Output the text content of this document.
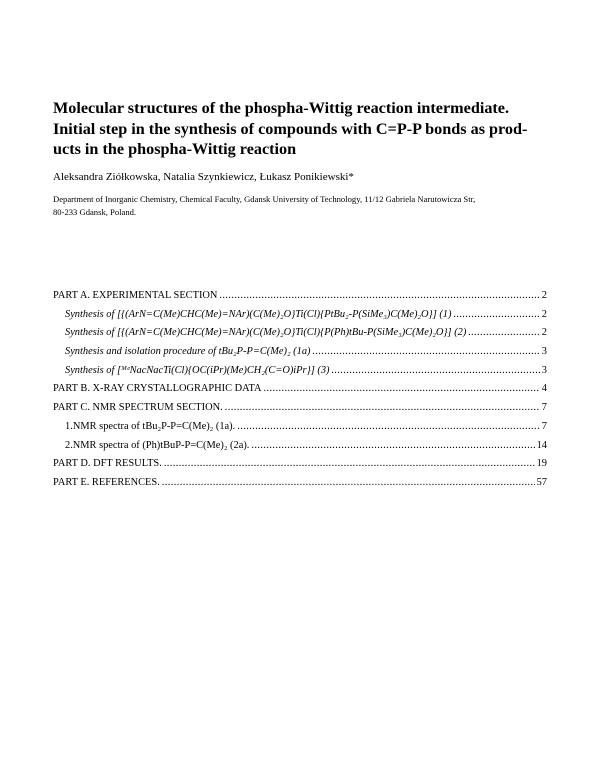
Molecular structures of the phospha-Wittig reaction intermediate.
Initial step in the synthesis of compounds with C=P-P bonds as prod-
ucts in the phospha-Wittig reaction
Aleksandra Ziółkowska, Natalia Szynkiewicz, Łukasz Ponikiewski*
Department of Inorganic Chemistry, Chemical Faculty, Gdansk University of Technology, 11/12 Gabriela Narutowicza Str,
80-233 Gdansk, Poland.
PART A. EXPERIMENTAL SECTION .....	2
Synthesis of [{(ArN=C(Me)CHC(Me)=NAr)(C(Me)₂O}Ti(Cl){PtBu₂-P(SiMe₃)C(Me)₂O}] (1) .....	2
Synthesis of [{(ArN=C(Me)CHC(Me)=NAr)(C(Me)₂O}Ti(Cl){P(Ph)tBu-P(SiMe₃)C(Me)₂O}] (2) .....	2
Synthesis and isolation procedure of tBu₂P-P=C(Me)₂ (1a) .....	3
Synthesis of [ᴹᵉNacNacTi(Cl){OC(iPr)(Me)CH₂(C=O)iPr}] (3) .....	3
PART B. X-RAY CRYSTALLOGRAPHIC DATA .....	4
PART C. NMR SPECTRUM SECTION. .....	7
1. NMR spectra of tBu₂P-P=C(Me)₂ (1a). .....	7
2. NMR spectra of (Ph)tBuP-P=C(Me)₂ (2a). .....	14
PART D. DFT RESULTS. .....	19
PART E. REFERENCES. .....	57
